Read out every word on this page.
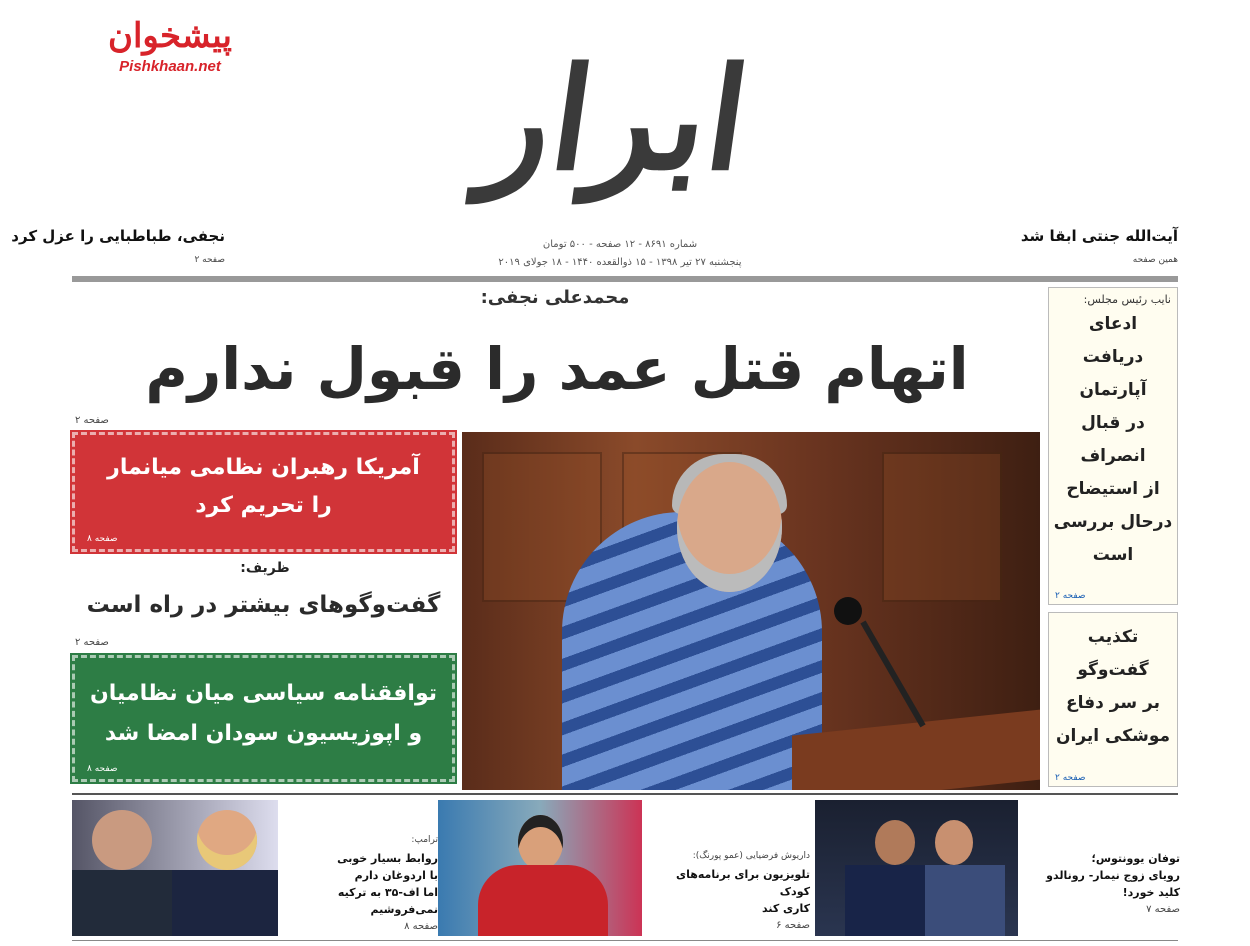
پیشخوان
Pishkhaan.net ابرار
شماره ۸۶۹۱ - ۱۲ صفحه - ۵۰۰ تومان
پنجشنبه ۲۷ تیر ۱۳۹۸ - ۱۵ ذوالقعده ۱۴۴۰ - ۱۸ جولای ۲۰۱۹
نجفی، طباطبایی را عزل کرد
صفحه ۲
آیت‌الله جنتی ابقا شد
همین صفحه
محمدعلی نجفی:
اتهام قتل عمد را قبول ندارم
صفحه ۲
آمریکا رهبران نظامی میانمار
را تحریم کرد
صفحه ۸
ظریف:
گفت‌وگوهای بیشتر در راه است
صفحه ۲
توافقنامه سیاسی میان نظامیان
و اپوزیسیون سودان امضا شد
صفحه ۸
نایب رئیس مجلس:
ادعای
دریافت
آپارتمان
در قبال
انصراف
از استیضاح
درحال بررسی
است
صفحه ۲
تکذیب
گفت‌وگو
بر سر دفاع
موشکی ایران
صفحه ۲
ترامپ:
روابط بسیار خوبی
با اردوغان دارم
اما اف-۳۵ به ترکیه نمی‌فروشیم
صفحه ۸
داریوش فرضیایی (عمو پورنگ):
تلویزیون برای برنامه‌های کودک
کاری کند
صفحه ۶
توفان یوونتوس؛
رویای زوج نیمار- رونالدو
کلید خورد!
صفحه ۷
